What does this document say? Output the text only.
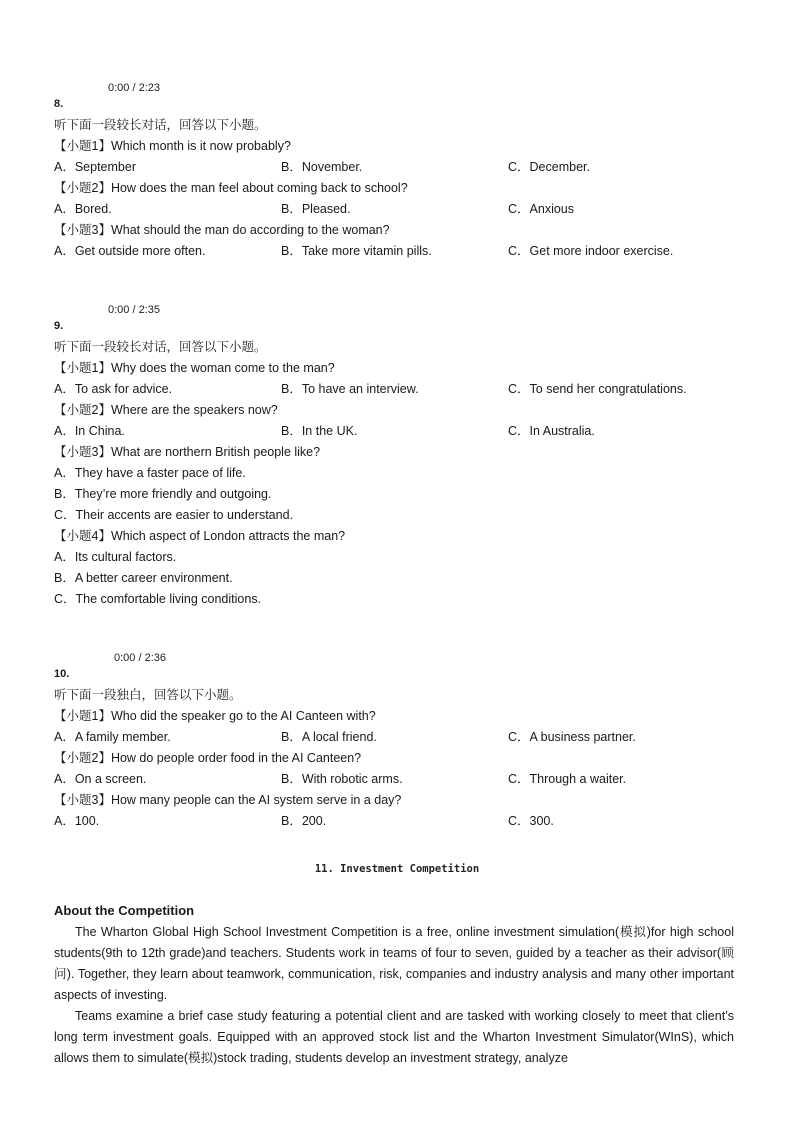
0:00 / 2:23
8.
听下面一段较长对话，回答以下小题。
【小题1】Which month is it now probably?
A．September	B．November.	C．December.
【小题2】How does the man feel about coming back to school?
A．Bored.	B．Pleased.	C．Anxious
【小题3】What should the man do according to the woman?
A．Get outside more often.	B．Take more vitamin pills.	C．Get more indoor exercise.
0:00 / 2:35
9.
听下面一段较长对话，回答以下小题。
【小题1】Why does the woman come to the man?
A．To ask for advice.	B．To have an interview.	C．To send her congratulations.
【小题2】Where are the speakers now?
A．In China.	B．In the UK.	C．In Australia.
【小题3】What are northern British people like?
A．They have a faster pace of life.
B．They’re more friendly and outgoing.
C．Their accents are easier to understand.
【小题4】Which aspect of London attracts the man?
A．Its cultural factors.
B．A better career environment.
C．The comfortable living conditions.
0:00 / 2:36
10.
听下面一段独白，回答以下小题。
【小题1】Who did the speaker go to the AI Canteen with?
A．A family member.	B．A local friend.	C．A business partner.
【小题2】How do people order food in the AI Canteen?
A．On a screen.	B．With robotic arms.	C．Through a waiter.
【小题3】How many people can the AI system serve in a day?
A．100.	B．200.	C．300.
11. Investment Competition
About the Competition
The Wharton Global High School Investment Competition is a free, online investment simulation(模拟)for high school students(9th to 12th grade)and teachers. Students work in teams of four to seven, guided by a teacher as their advisor(顾问). Together, they learn about teamwork, communication, risk, companies and industry analysis and many other important aspects of investing.
Teams examine a brief case study featuring a potential client and are tasked with working closely to meet that client’s long term investment goals. Equipped with an approved stock list and the Wharton Investment Simulator(WInS), which allows them to simulate(模拟)stock trading, students develop an investment strategy, analyze
